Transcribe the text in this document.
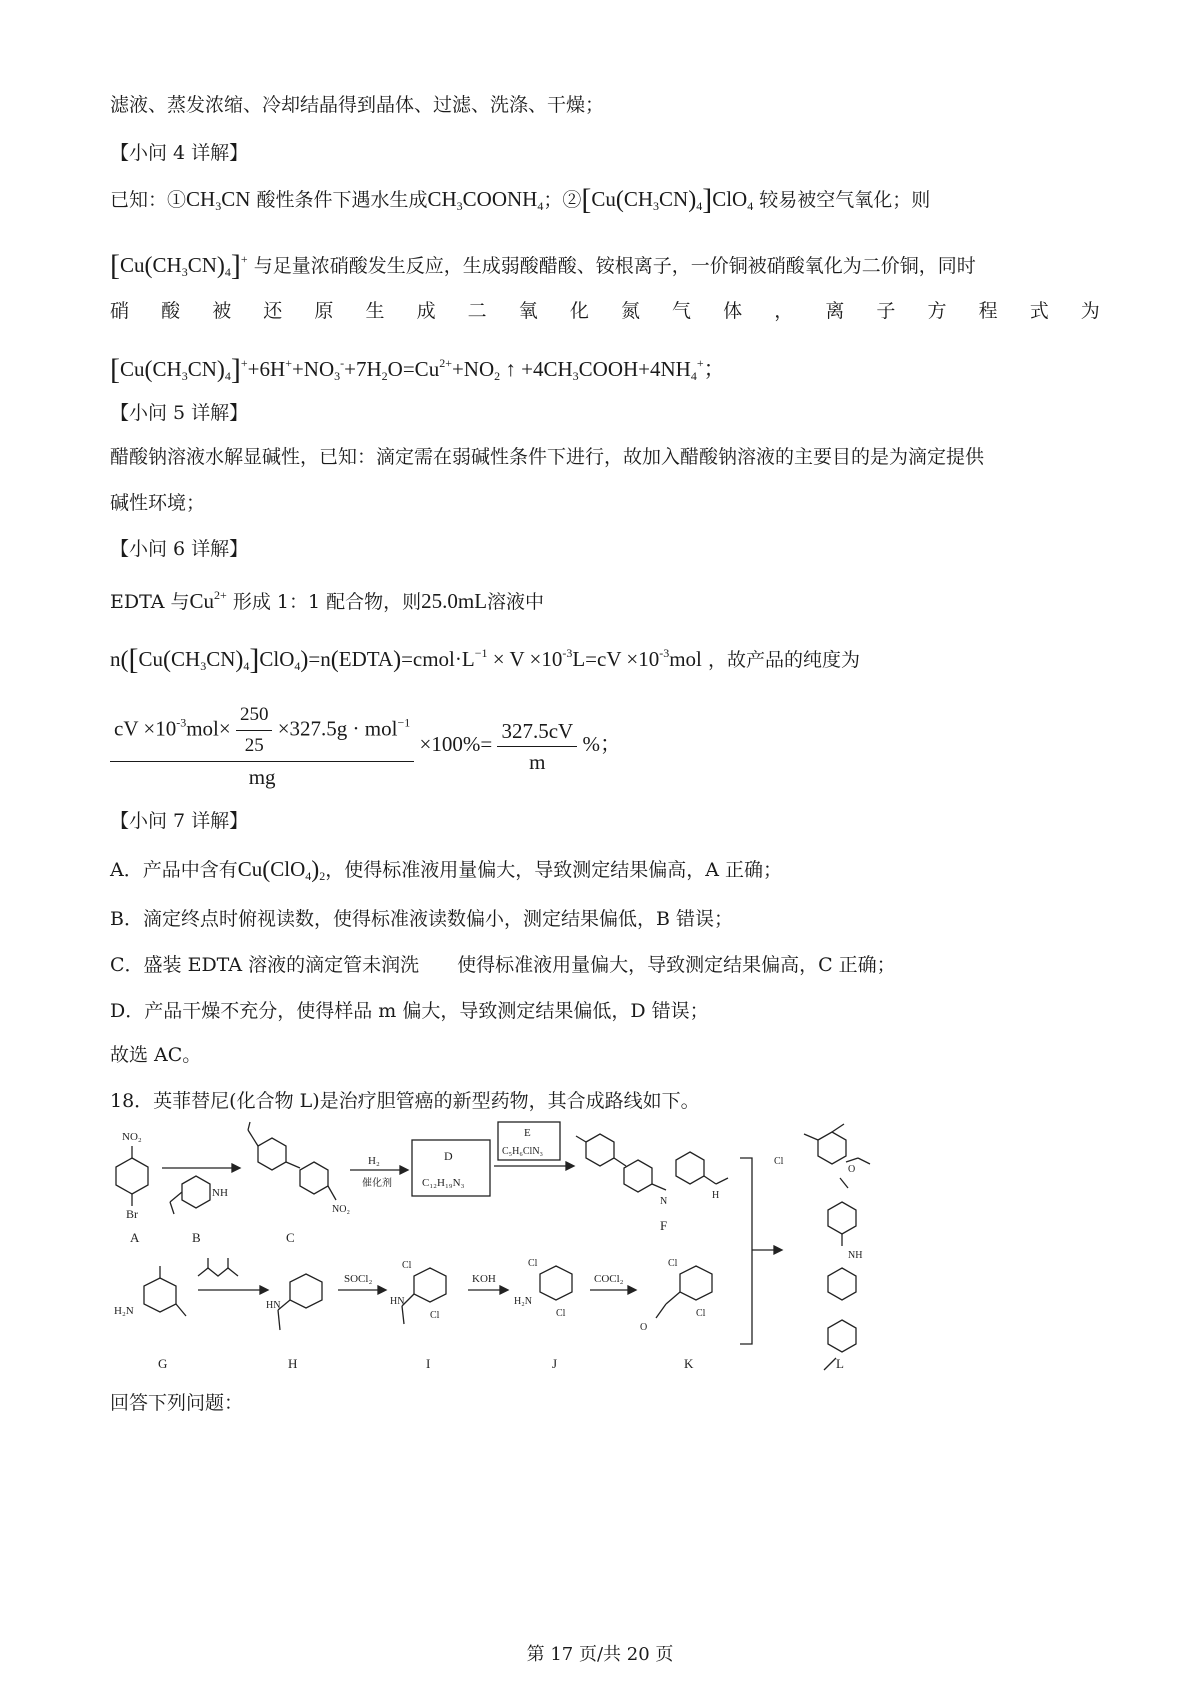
滤液、蒸发浓缩、冷却结晶得到晶体、过滤、洗涤、干燥；
【小问 4 详解】
已知：$①CH_3CN$ 酸性条件下遇水生成$CH_3COONH_4$；$②[Cu(CH_3CN)_4]ClO_4$ 较易被空气氧化；则
$[Cu(CH_3CN)_4]^+$ 与足量浓硝酸发生反应，生成弱酸醋酸、铵根离子，一价铜被硝酸氧化为二价铜，同时
硝 酸 被 还 原 生 成 二 氧 化 氮 气 体 ， 离 子 方 程 式 为
$[Cu(CH_3CN)_4]^++6H^++NO_3^-+7H_2O=Cu^{2+}+NO_2$ ↑ $+4CH_3COOH+4NH_4^+$；
【小问 5 详解】
醋酸钠溶液水解显碱性，已知：滴定需在弱碱性条件下进行，故加入醋酸钠溶液的主要目的是为滴定提供
碱性环境；
【小问 6 详解】
EDTA 与$Cu^{2+}$ 形成 1：1 配合物，则25.0mL溶液中
$n([Cu(CH_3CN)_4]ClO_4)=n(EDTA)=cmol\cdot L^{-1} \times V \times 10^{-3}L=cV \times 10^{-3}mol$ ，故产品的纯度为
$\frac{cV \times 10^{-3}mol\times \frac{250}{25} \times 327.5g \cdot mol^{-1}}{mg} \times 100\%= \frac{327.5cV}{m}$ %；
【小问 7 详解】
A．产品中含有$Cu(ClO_4)_2$，使得标准液用量偏大，导致测定结果偏高，A 正确；
B．滴定终点时俯视读数，使得标准液读数偏小，测定结果偏低，B 错误；
C．盛装 EDTA 溶液的滴定管未润洗　　使得标准液用量偏大，导致测定结果偏高，C 正确；
D．产品干燥不充分，使得样品 m 偏大，导致测定结果偏低，D 错误；
故选 AC。
18．英菲替尼(化合物 L)是治疗胆管癌的新型药物，其合成路线如下。
NO₂
Br
NH
NO₂
H₂
催化剂
D
C₁₂H₁₉N₃
E
C₅H₆ClN₃
N
H
Cl
O
NH
H₂N	HN
SOCl₂
Cl
Cl
HN
KOH
Cl
Cl
H₂N
COCl₂
Cl
Cl
O
A	B	C
F
G	H	I	J	K	L
回答下列问题：
第 17 页/共 20 页
